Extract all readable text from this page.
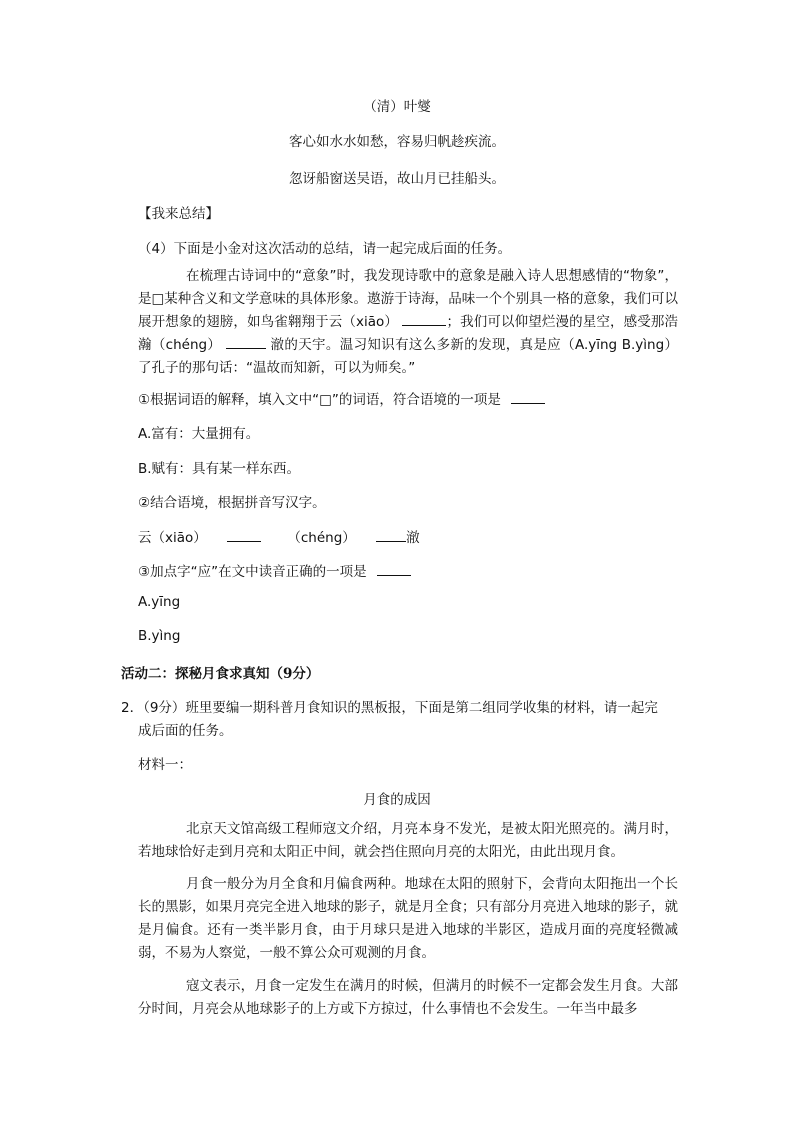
（清）叶燮
客心如水水如愁，容易归帆趁疾流。
忽讶船窗送吴语，故山月已挂船头。
【我来总结】
（4）下面是小金对这次活动的总结，请一起完成后面的任务。
在梳理古诗词中的“意象”时，我发现诗歌中的意象是融入诗人思想感情的“物象”，是□某种含义和文学意味的具体形象。遨游于诗海，品味一个个别具一格的意象，我们可以展开想象的翅膀，如鸟雀翱翔于云（xiāo）	；我们可以仰望烂漫的星空，感受那浩瀚（chéng）	澈的天宇。温习知识有这么多新的发现，真是应（A.yīng B.yìng）了孔子的那句话：“温故而知新，可以为师矣。”
①根据词语的解释，填入文中“□”的词语，符合语境的一项是
A.富有：大量拥有。
B.赋有：具有某一样东西。
②结合语境，根据拼音写汉字。
云（xiāo）	（chéng）	澈
③加点字“应”在文中读音正确的一项是
A.yīng
B.yìng
活动二：探秘月食求真知（9分）
2．（9分）班里要编一期科普月食知识的黑板报，下面是第二组同学收集的材料，请一起完
成后面的任务。
材料一：
月食的成因
北京天文馆高级工程师寇文介绍，月亮本身不发光，是被太阳光照亮的。满月时，若地球恰好走到月亮和太阳正中间，就会挡住照向月亮的太阳光，由此出现月食。
月食一般分为月全食和月偏食两种。地球在太阳的照射下，会背向太阳拖出一个长长的黑影，如果月亮完全进入地球的影子，就是月全食；只有部分月亮进入地球的影子，就是月偏食。还有一类半影月食，由于月球只是进入地球的半影区，造成月面的亮度轻微减弱，不易为人察觉，一般不算公众可观测的月食。
寇文表示，月食一定发生在满月的时候，但满月的时候不一定都会发生月食。大部分时间，月亮会从地球影子的上方或下方掠过，什么事情也不会发生。一年当中最多
